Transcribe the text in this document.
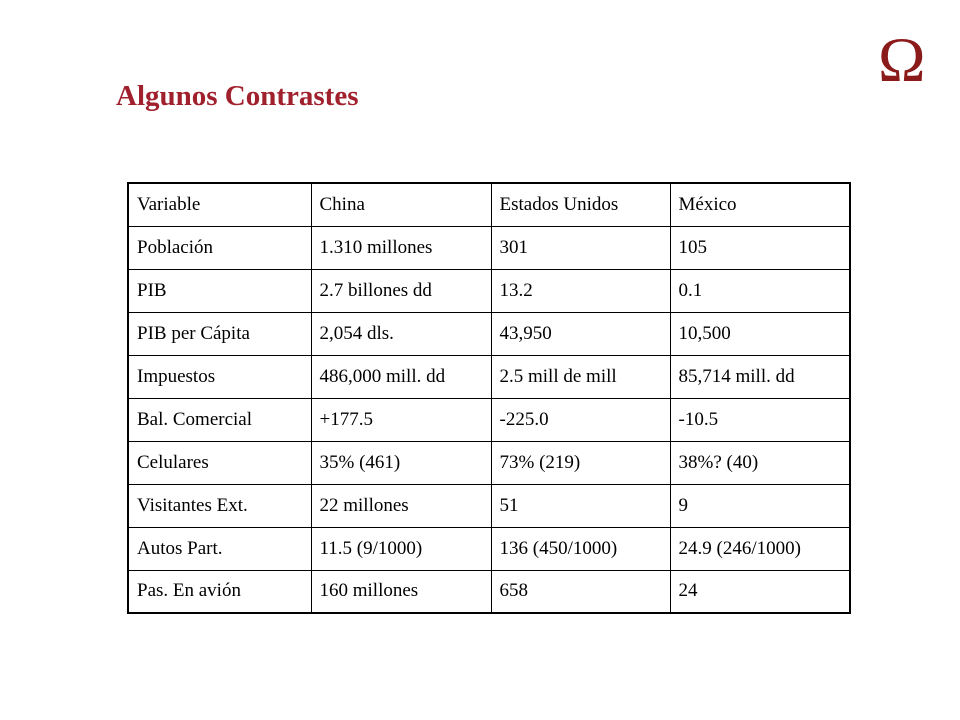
Ω
Algunos Contrastes
Variable	China	Estados Unidos	México
Población	1.310 millones	301	105
PIB	2.7 billones dd	13.2	0.1
PIB per Cápita	2,054 dls.	43,950	10,500
Impuestos	486,000 mill. dd	2.5 mill de mill	85,714 mill. dd
Bal. Comercial	+177.5	-225.0	-10.5
Celulares	35% (461)	73% (219)	38%? (40)
Visitantes Ext.	22 millones	51	9
Autos Part.	11.5 (9/1000)	136 (450/1000)	24.9 (246/1000)
Pas. En avión	160 millones	658	24
